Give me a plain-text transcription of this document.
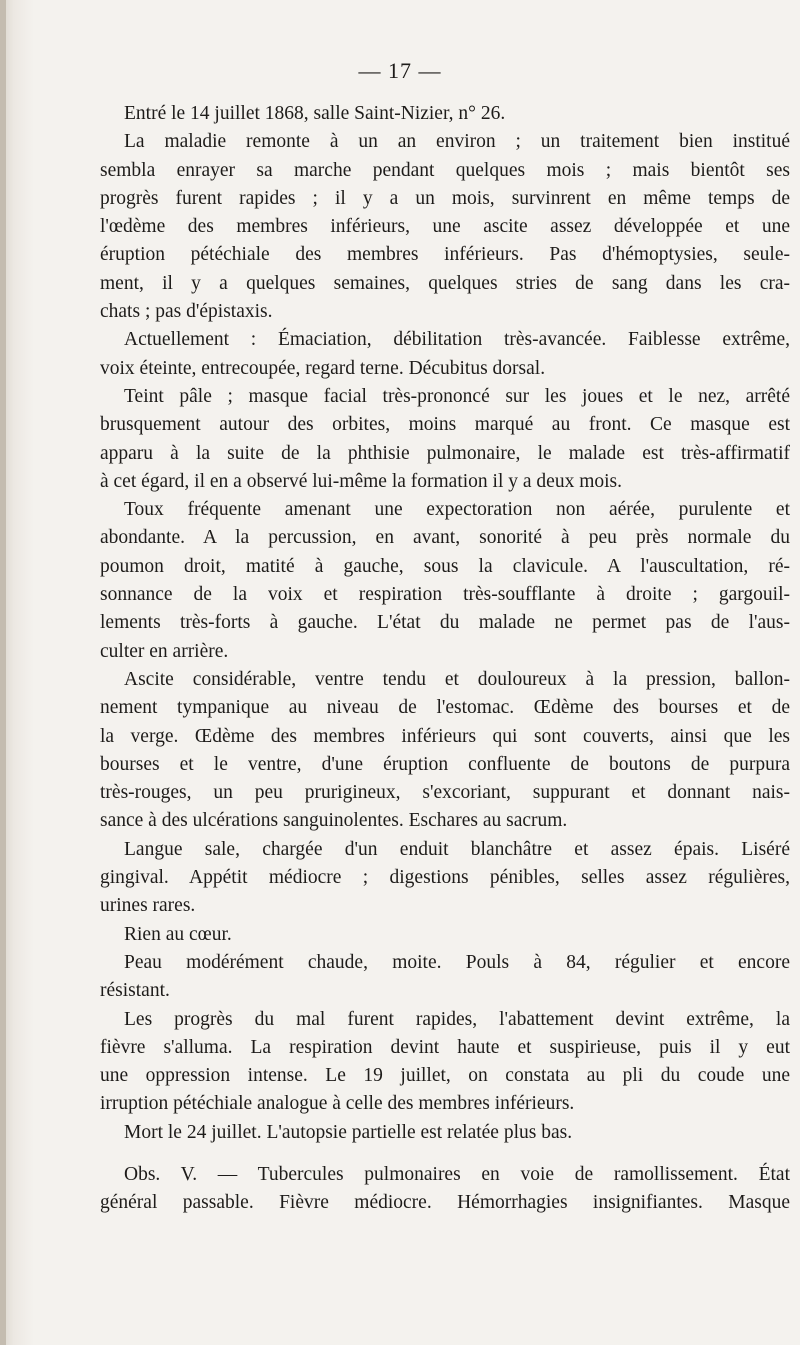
— 17 —
Entré le 14 juillet 1868, salle Saint-Nizier, n° 26.
La maladie remonte à un an environ ; un traitement bien institué
sembla enrayer sa marche pendant quelques mois ; mais bientôt ses
progrès furent rapides ; il y a un mois, survinrent en même temps de
l'œdème des membres inférieurs, une ascite assez développée et une
éruption pétéchiale des membres inférieurs. Pas d'hémoptysies, seule-
ment, il y a quelques semaines, quelques stries de sang dans les cra-
chats ; pas d'épistaxis.
Actuellement : Émaciation, débilitation très-avancée. Faiblesse extrême,
voix éteinte, entrecoupée, regard terne. Décubitus dorsal.
Teint pâle ; masque facial très-prononcé sur les joues et le nez, arrêté
brusquement autour des orbites, moins marqué au front. Ce masque est
apparu à la suite de la phthisie pulmonaire, le malade est très-affirmatif
à cet égard, il en a observé lui-même la formation il y a deux mois.
Toux fréquente amenant une expectoration non aérée, purulente et
abondante. A la percussion, en avant, sonorité à peu près normale du
poumon droit, matité à gauche, sous la clavicule. A l'auscultation, ré-
sonnance de la voix et respiration très-soufflante à droite ; gargouil-
lements très-forts à gauche. L'état du malade ne permet pas de l'aus-
culter en arrière.
Ascite considérable, ventre tendu et douloureux à la pression, ballon-
nement tympanique au niveau de l'estomac. Œdème des bourses et de
la verge. Œdème des membres inférieurs qui sont couverts, ainsi que les
bourses et le ventre, d'une éruption confluente de boutons de purpura
très-rouges, un peu prurigineux, s'excoriant, suppurant et donnant nais-
sance à des ulcérations sanguinolentes. Eschares au sacrum.
Langue sale, chargée d'un enduit blanchâtre et assez épais. Liséré
gingival. Appétit médiocre ; digestions pénibles, selles assez régulières,
urines rares.
Rien au cœur.
Peau modérément chaude, moite. Pouls à 84, régulier et encore
résistant.
Les progrès du mal furent rapides, l'abattement devint extrême, la
fièvre s'alluma. La respiration devint haute et suspirieuse, puis il y eut
une oppression intense. Le 19 juillet, on constata au pli du coude une
irruption pétéchiale analogue à celle des membres inférieurs.
Mort le 24 juillet. L'autopsie partielle est relatée plus bas.
Obs. V. — Tubercules pulmonaires en voie de ramollissement. État
général passable. Fièvre médiocre. Hémorrhagies insignifiantes. Masque
